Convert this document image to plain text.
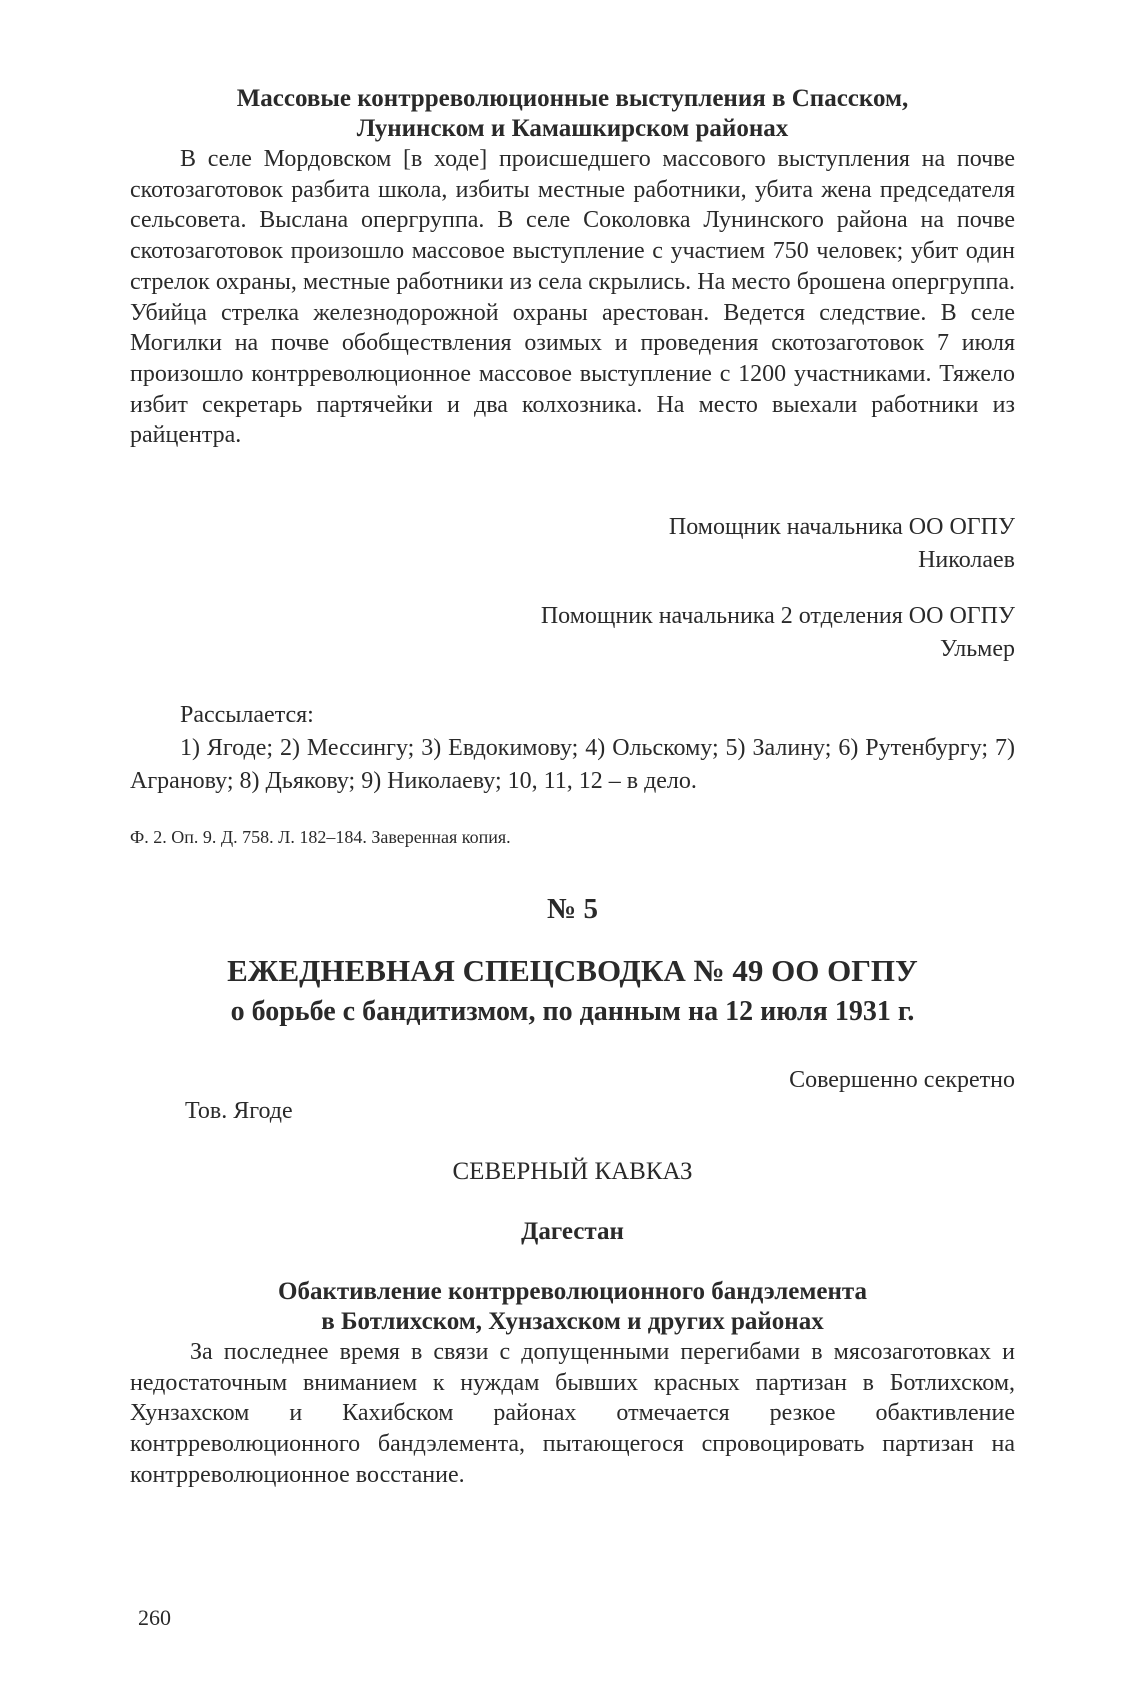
Массовые контрреволюционные выступления в Спасском,
Лунинском и Камашкирском районах

В селе Мордовском [в ходе] происшедшего массового выступления на почве скотозаготовок разбита школа, избиты местные работники, убита жена председателя сельсовета. Выслана опергруппа. В селе Соколовка Лунинского района на почве скотозаготовок произошло массовое выступление с участием 750 человек; убит один стрелок охраны, местные работники из села скрылись. На место брошена опергруппа. Убийца стрелка железнодорожной охраны арестован. Ведется следствие. В селе Могилки на почве обобществления озимых и проведения скотозаготовок 7 июля произошло контрреволюционное массовое выступление с 1200 участниками. Тяжело избит секретарь партячейки и два колхозника. На место выехали работники из райцентра.

Помощник начальника ОО ОГПУ
Николаев
Помощник начальника 2 отделения ОО ОГПУ
Ульмер
Рассылается:

1) Ягоде; 2) Мессингу; 3) Евдокимову; 4) Ольскому; 5) Залину; 6) Рутенбургу; 7) Агранову; 8) Дьякову; 9) Николаеву; 10, 11, 12 – в дело.

Ф. 2. Оп. 9. Д. 758. Л. 182–184. Заверенная копия.
№ 5
ЕЖЕДНЕВНАЯ СПЕЦСВОДКА № 49 ОО ОГПУ
о борьбе с бандитизмом, по данным на 12 июля 1931 г.
Совершенно секретно
Тов. Ягоде
СЕВЕРНЫЙ КАВКАЗ
Дагестан
Обактивление контрреволюционного бандэлемента
в Ботлихском, Хунзахском и других районах

За последнее время в связи с допущенными перегибами в мясозаготовках и недостаточным вниманием к нуждам бывших красных партизан в Ботлихском, Хунзахском и Кахибском районах отмечается резкое обактивление контрреволюционного бандэлемента, пытающегося спровоцировать партизан на контрреволюционное восстание.

260
